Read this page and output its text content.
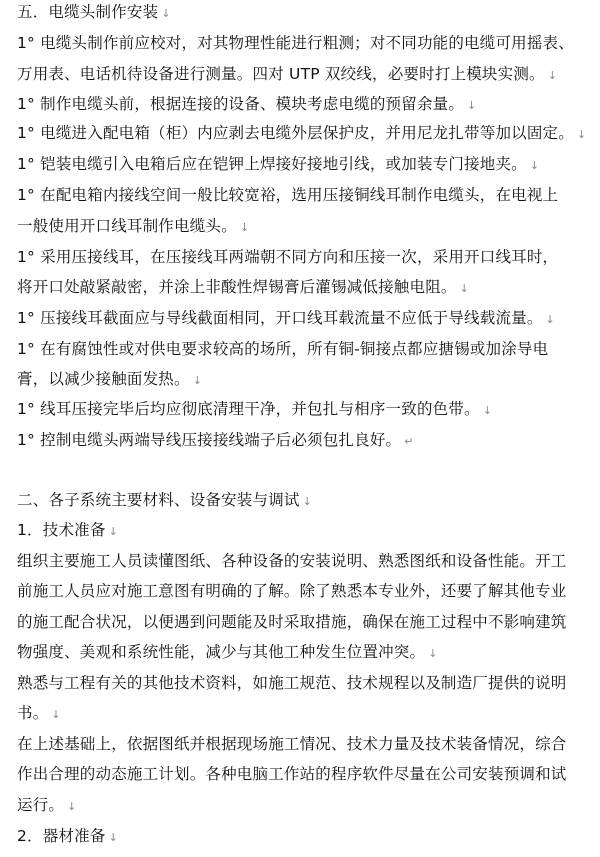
五．电缆头制作安装 ↓
1° 电缆头制作前应校对，对其物理性能进行粗测；对不同功能的电缆可用摇表、
万用表、电话机待设备进行测量。四对 UTP 双绞线，必要时打上模块实测。 ↓
1° 制作电缆头前，根据连接的设备、模块考虑电缆的预留余量。 ↓
1° 电缆进入配电箱（柜）内应剥去电缆外层保护皮，并用尼龙扎带等加以固定。 ↓
1° 铠装电缆引入电箱后应在铠钾上焊接好接地引线，或加装专门接地夹。 ↓
1° 在配电箱内接线空间一般比较宽裕，选用压接铜线耳制作电缆头，在电视上
一般使用开口线耳制作电缆头。 ↓
1° 采用压接线耳，在压接线耳两端朝不同方向和压接一次，采用开口线耳时，
将开口处敲紧敲密，并涂上非酸性焊锡膏后灌锡减低接触电阻。 ↓
1° 压接线耳截面应与导线截面相同，开口线耳载流量不应低于导线载流量。 ↓
1° 在有腐蚀性或对供电要求较高的场所，所有铜-铜接点都应搪锡或加涂导电
膏，以减少接触面发热。 ↓
1° 线耳压接完毕后均应彻底清理干净，并包扎与相序一致的色带。 ↓
1° 控制电缆头两端导线压接接线端子后必须包扎良好。 ↵
二、各子系统主要材料、设备安装与调试 ↓
1．技术准备 ↓
组织主要施工人员读懂图纸、各种设备的安装说明、熟悉图纸和设备性能。开工
前施工人员应对施工意图有明确的了解。除了熟悉本专业外，还要了解其他专业
的施工配合状况，以便遇到问题能及时采取措施，确保在施工过程中不影响建筑
物强度、美观和系统性能，减少与其他工种发生位置冲突。 ↓
熟悉与工程有关的其他技术资料，如施工规范、技术规程以及制造厂提供的说明
书。 ↓
在上述基础上，依据图纸并根据现场施工情况、技术力量及技术装备情况，综合
作出合理的动态施工计划。各种电脑工作站的程序软件尽量在公司安装预调和试
运行。 ↓
2．器材准备 ↓
